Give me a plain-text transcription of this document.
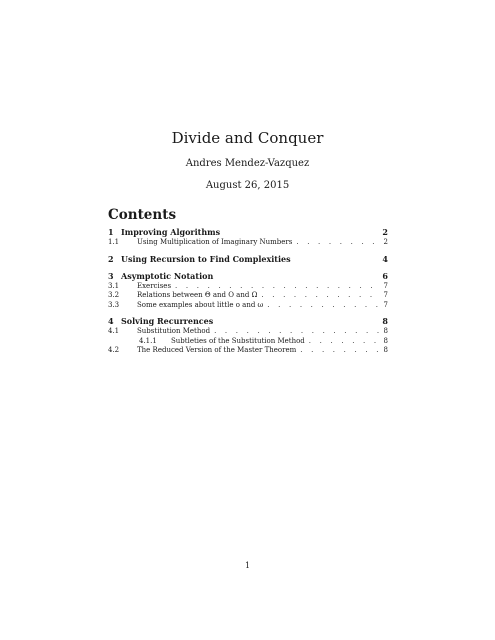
Divide and Conquer
Andres Mendez-Vazquez
August 26, 2015
Contents
1 Improving Algorithms	2
1.1	Using Multiplication of Imaginary Numbers . . .	2
2 Using Recursion to Find Complexities	4
3 Asymptotic Notation	6
3.1	Exercises . . .	7
3.2	Relations between Θ and O and Ω . . .	7
3.3	Some examples about little o and ω . . .	7
4 Solving Recurrences	8
4.1	Substitution Method . . .	8
4.1.1	Subtleties of the Substitution Method . . .	8
4.2	The Reduced Version of the Master Theorem . . .	8
1
